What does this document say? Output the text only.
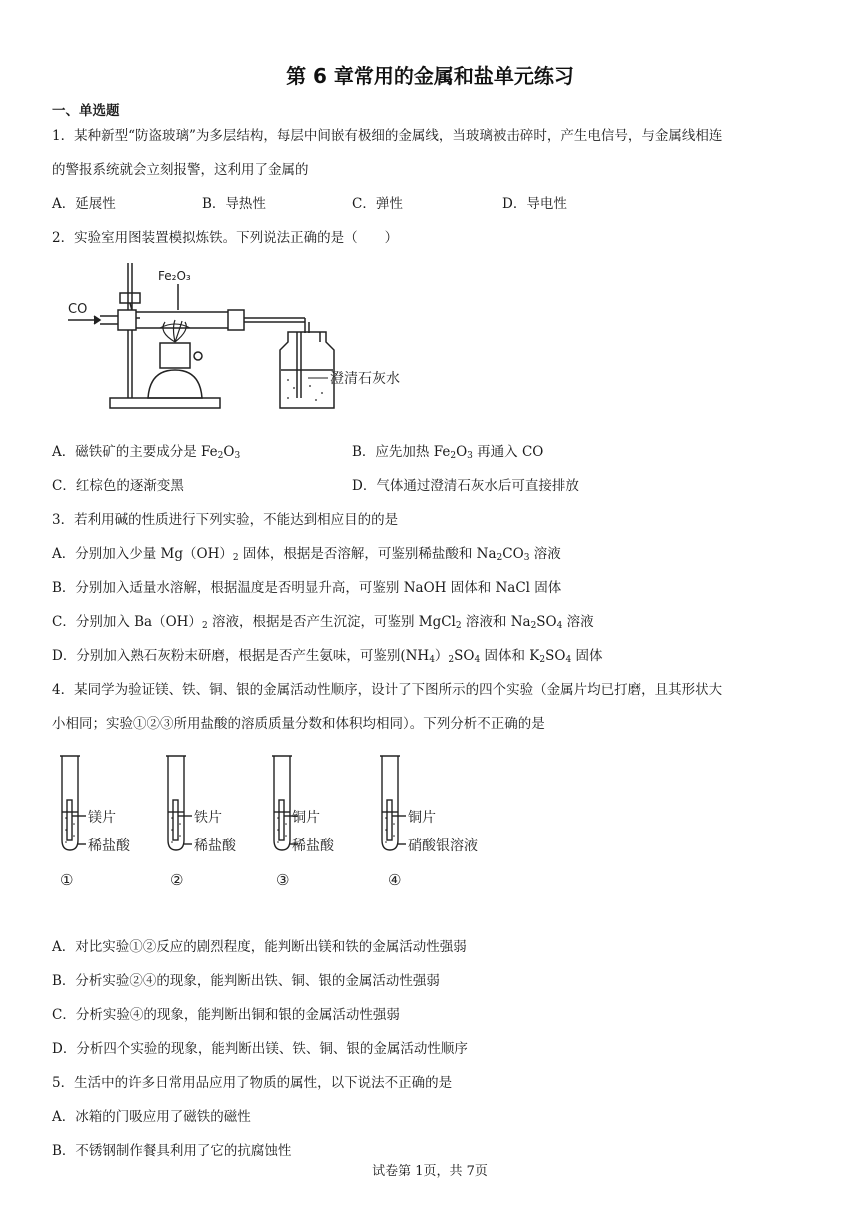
第 6 章常用的金属和盐单元练习
一、单选题
1．某种新型“防盗玻璃”为多层结构，每层中间嵌有极细的金属线，当玻璃被击碎时，产生电信号，与金属线相连
的警报系统就会立刻报警，这利用了金属的
A．延展性	B．导热性	C．弹性	D．导电性
2．实验室用图装置模拟炼铁。下列说法正确的是（　　）
CO
Fe₂O₃
澄清石灰水
A．磁铁矿的主要成分是 $Fe_2O_3$	B．应先加热 $Fe_2O_3$ 再通入 CO
C．红棕色的逐渐变黑	D．气体通过澄清石灰水后可直接排放
3．若利用碱的性质进行下列实验，不能达到相应目的的是
A．分别加入少量 $Mg(OH)_2$ 固体，根据是否溶解，可鉴别稀盐酸和 $Na_2CO_3$ 溶液
B．分别加入适量水溶解，根据温度是否明显升高，可鉴别 NaOH 固体和 NaCl 固体
C．分别加入 $Ba(OH)_2$ 溶液，根据是否产生沉淀，可鉴别 MgCl$_2$ 溶液和 $Na_2SO_4$ 溶液
D．分别加入熟石灰粉末研磨，根据是否产生氨味，可鉴别$(NH_4)_2SO_4$ 固体和 $K_2SO_4$ 固体
4．某同学为验证镁、铁、铜、银的金属活动性顺序，设计了下图所示的四个实验（金属片均已打磨，且其形状大
小相同；实验①②③所用盐酸的溶质质量分数和体积均相同）。下列分析不正确的是
镁片
稀盐酸
①
铁片
稀盐酸
②
铜片
稀盐酸
③
铜片
硝酸银溶液
④
A．对比实验①②反应的剧烈程度，能判断出镁和铁的金属活动性强弱
B．分析实验②④的现象，能判断出铁、铜、银的金属活动性强弱
C．分析实验④的现象，能判断出铜和银的金属活动性强弱
D．分析四个实验的现象，能判断出镁、铁、铜、银的金属活动性顺序
5．生活中的许多日常用品应用了物质的属性，以下说法不正确的是
A．冰箱的门吸应用了磁铁的磁性
B．不锈钢制作餐具利用了它的抗腐蚀性
试卷第 1页，共 7页
